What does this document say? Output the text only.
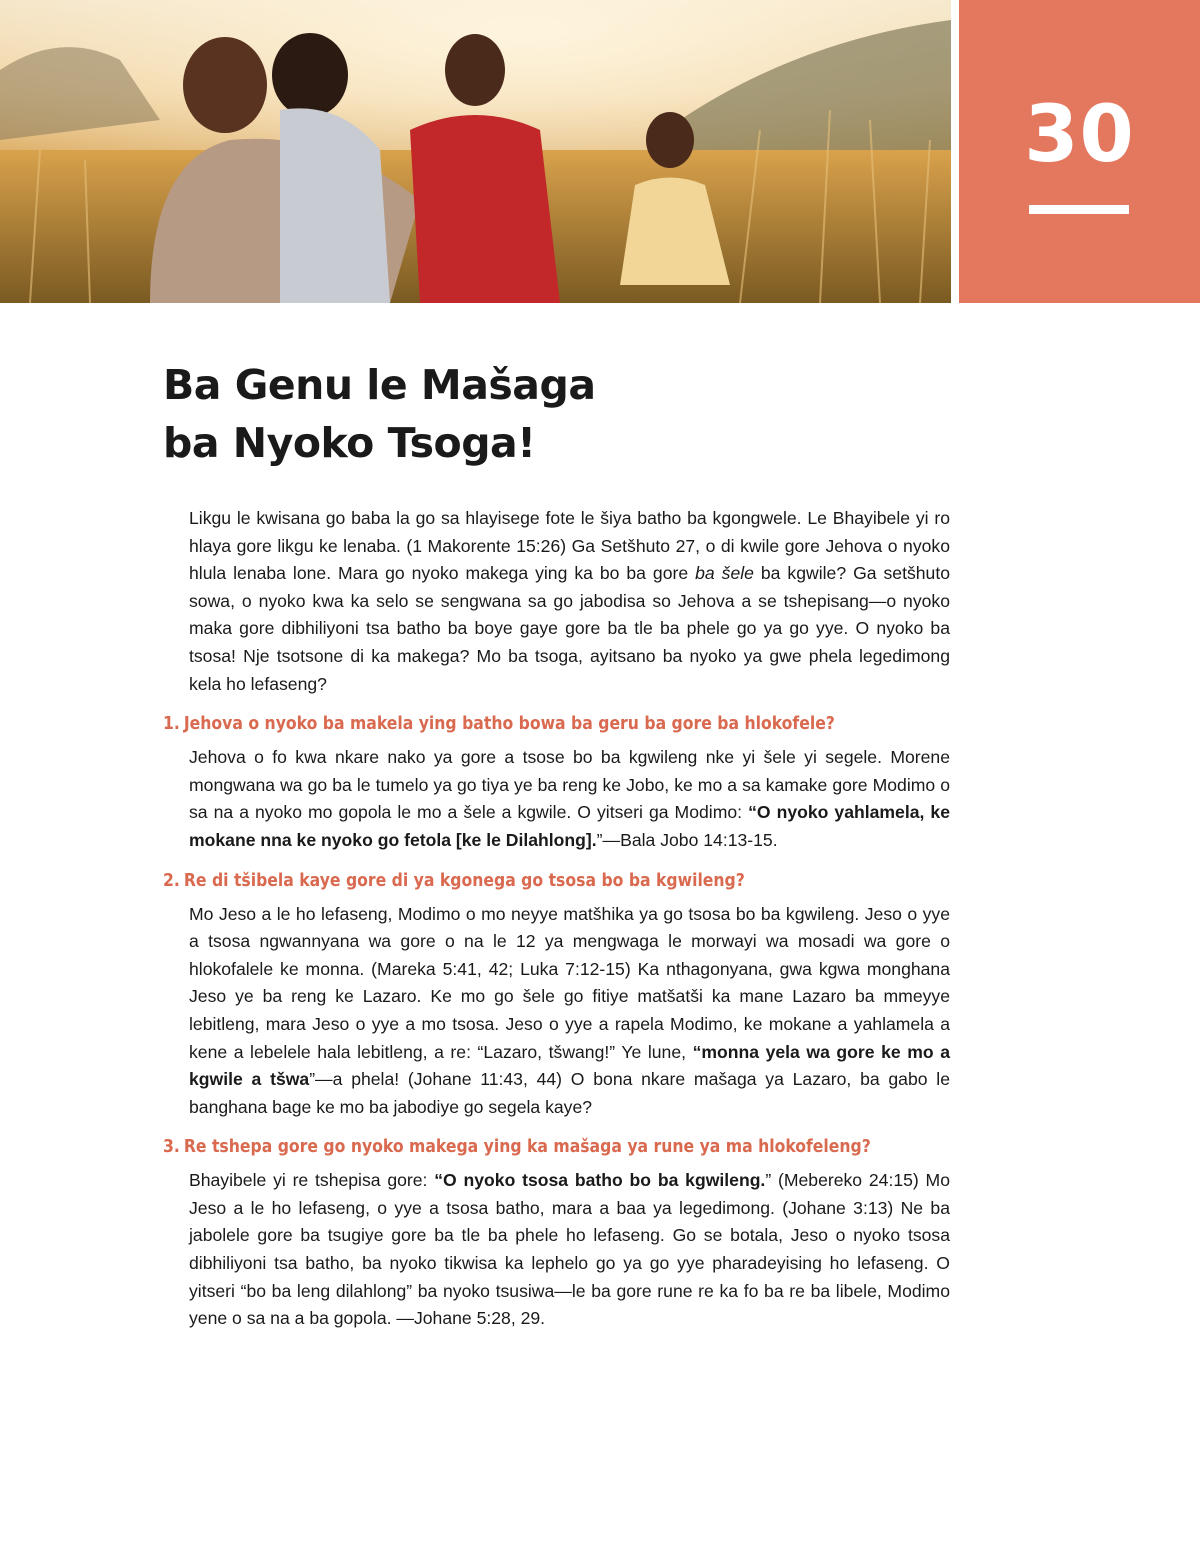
30
Ba Genu le Mašaga
ba Nyoko Tsoga!

Likgu le kwisana go baba la go sa hlayisege fote le šiya batho ba kgongwele. Le Bhayibele yi ro hlaya gore likgu ke lenaba. (1 Makorente 15:26) Ga Setšhuto 27, o di kwile gore Jehova o nyoko hlula lenaba lone. Mara go nyoko makega ying ka bo ba gore ba šele ba kgwile? Ga setšhuto sowa, o nyoko kwa ka selo se sengwana sa go jabodisa so Jehova a se tshepisang—o nyoko maka gore dibhiliyoni tsa batho ba boye gaye gore ba tle ba phele go ya go yye. O nyoko ba tsosa! Nje tsotsone di ka makega? Mo ba tsoga, ayitsano ba nyoko ya gwe phela legedimong kela ho lefaseng?

1. Jehova o nyoko ba makela ying batho bowa ba geru ba gore ba hlokofele?

Jehova o fo kwa nkare nako ya gore a tsose bo ba kgwileng nke yi šele yi segele. Morene mongwana wa go ba le tumelo ya go tiya ye ba reng ke Jobo, ke mo a sa kamake gore Modimo o sa na a nyoko mo gopola le mo a šele a kgwile. O yitseri ga Modimo: “O nyoko yahlamela, ke mokane nna ke nyoko go fetola [ke le Dilahlong].”—Bala Jobo 14:13-15.

2. Re di tšibela kaye gore di ya kgonega go tsosa bo ba kgwileng?

Mo Jeso a le ho lefaseng, Modimo o mo neyye matšhika ya go tsosa bo ba kgwileng. Jeso o yye a tsosa ngwannyana wa gore o na le 12 ya mengwaga le morwayi wa mosadi wa gore o hlokofalele ke monna. (Mareka 5:41, 42; Luka 7:12-15) Ka nthagonyana, gwa kgwa monghana Jeso ye ba reng ke Lazaro. Ke mo go šele go fitiye matšatši ka mane Lazaro ba mmeyye lebitleng, mara Jeso o yye a mo tsosa. Jeso o yye a rapela Modimo, ke mokane a yahlamela a kene a lebelele hala lebitleng, a re: “Lazaro, tšwang!” Ye lune, “monna yela wa gore ke mo a kgwile a tšwa”—a phela! (Johane 11:43, 44) O bona nkare mašaga ya Lazaro, ba gabo le banghana bage ke mo ba jabodiye go segela kaye?

3. Re tshepa gore go nyoko makega ying ka mašaga ya rune ya ma hlokofeleng?

Bhayibele yi re tshepisa gore: “O nyoko tsosa batho bo ba kgwileng.” (Mebereko 24:15) Mo Jeso a le ho lefaseng, o yye a tsosa batho, mara a baa ya legedimong. (Johane 3:13) Ne ba jabolele gore ba tsugiye gore ba tle ba phele ho lefaseng. Go se botala, Jeso o nyoko tsosa dibhiliyoni tsa batho, ba nyoko tikwisa ka lephelo go ya go yye pharadeyising ho lefaseng. O yitseri “bo ba leng dilahlong” ba nyoko tsusiwa—le ba gore rune re ka fo ba re ba libele, Modimo yene o sa na a ba gopola. —Johane 5:28, 29.
